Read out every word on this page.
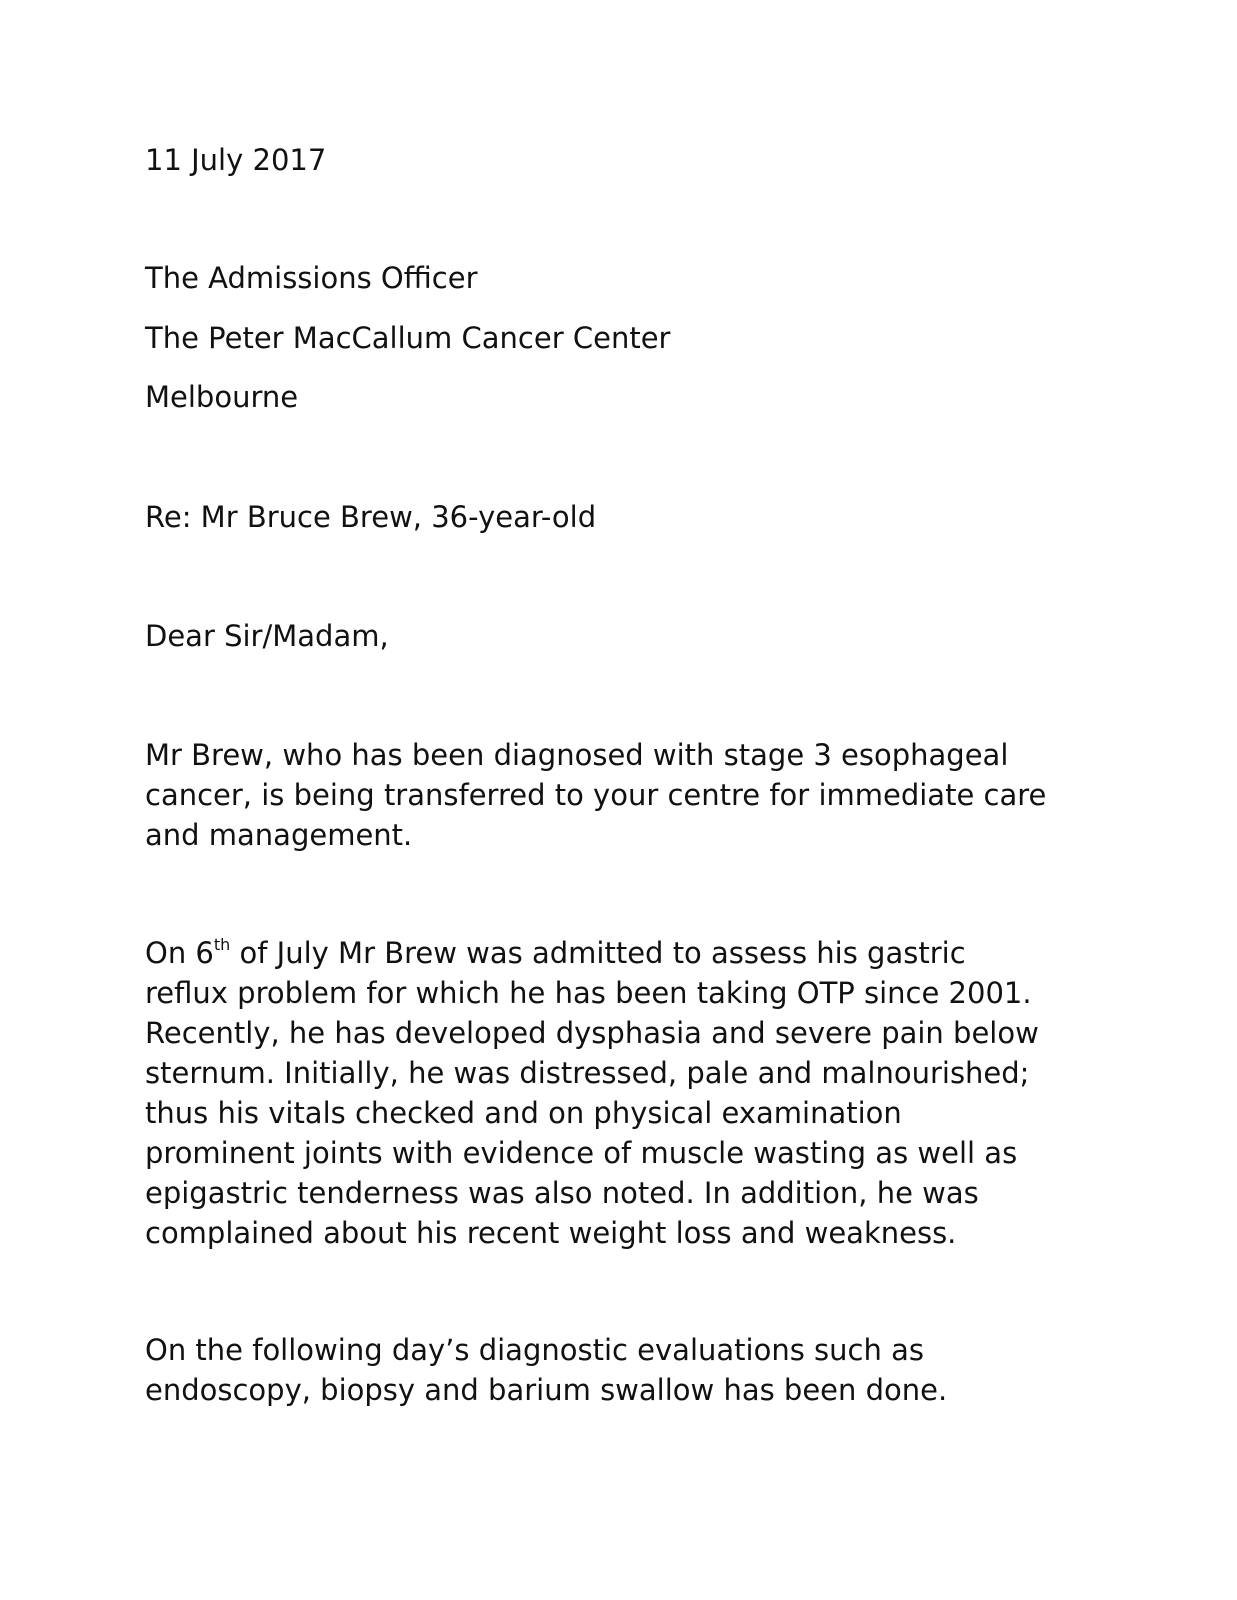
11 July 2017

The Admissions Officer

The Peter MacCallum Cancer Center

Melbourne

Re: Mr Bruce Brew, 36-year-old

Dear Sir/Madam,

Mr Brew, who has been diagnosed with stage 3 esophageal
cancer, is being transferred to your centre for immediate care
and management.
On 6th of July Mr Brew was admitted to assess his gastric
reflux problem for which he has been taking OTP since 2001.
Recently, he has developed dysphasia and severe pain below
sternum. Initially, he was distressed, pale and malnourished;
thus his vitals checked and on physical examination
prominent joints with evidence of muscle wasting as well as
epigastric tenderness was also noted. In addition, he was
complained about his recent weight loss and weakness.
On the following day’s diagnostic evaluations such as
endoscopy, biopsy and barium swallow has been done.
